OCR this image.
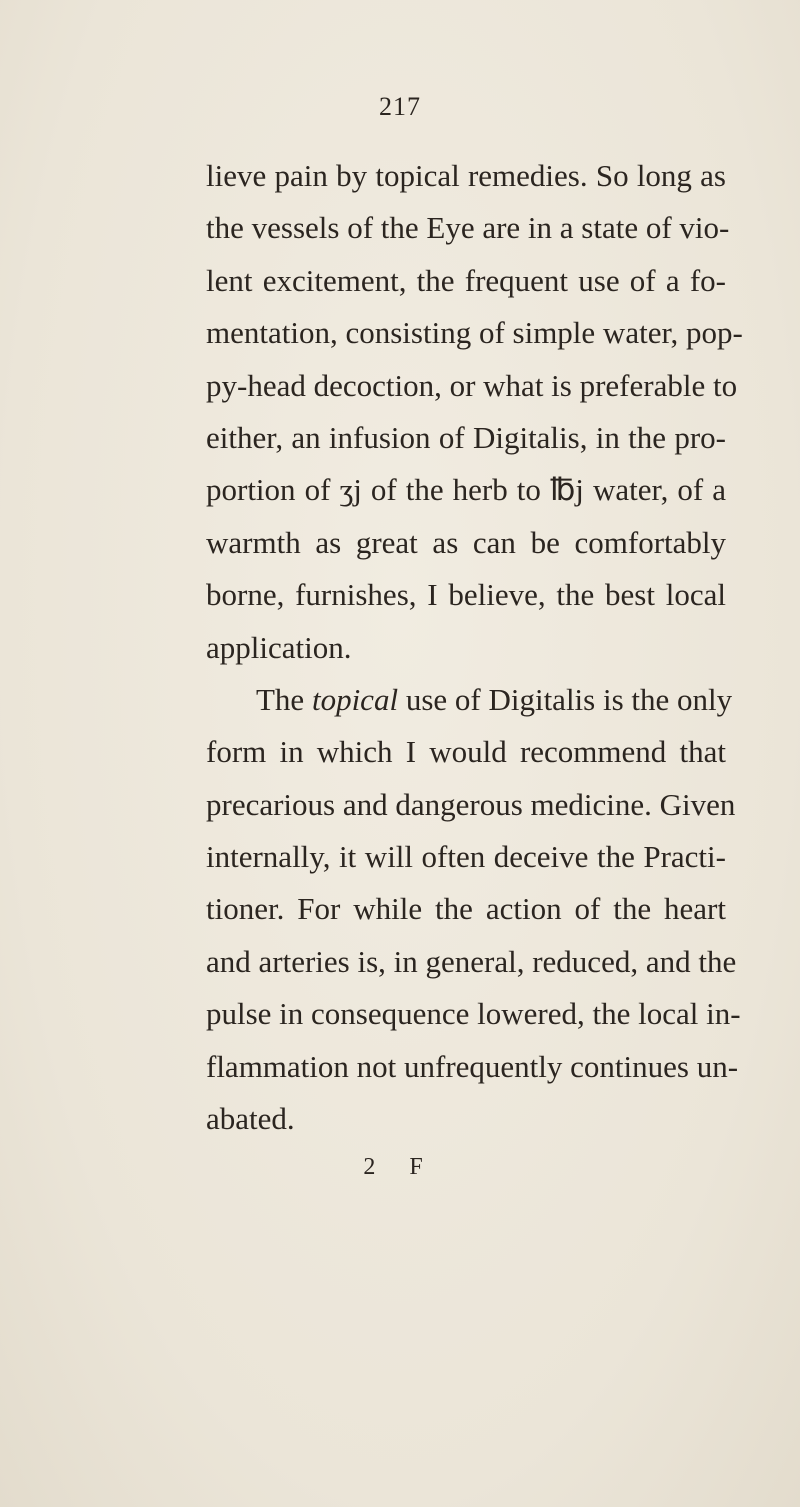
217
lieve pain by topical remedies. So long as
the vessels of the Eye are in a state of vio-
lent excitement, the frequent use of a fo-
mentation, consisting of simple water, pop-
py-head decoction, or what is preferable to
either, an infusion of Digitalis, in the pro-
portion of ʒj of the herb to ℔j water, of a
warmth as great as can be comfortably
borne, furnishes, I believe, the best local
application.
The topical use of Digitalis is the only
form in which I would recommend that
precarious and dangerous medicine. Given
internally, it will often deceive the Practi-
tioner. For while the action of the heart
and arteries is, in general, reduced, and the
pulse in consequence lowered, the local in-
flammation not unfrequently continues un-
abated.
2 F
